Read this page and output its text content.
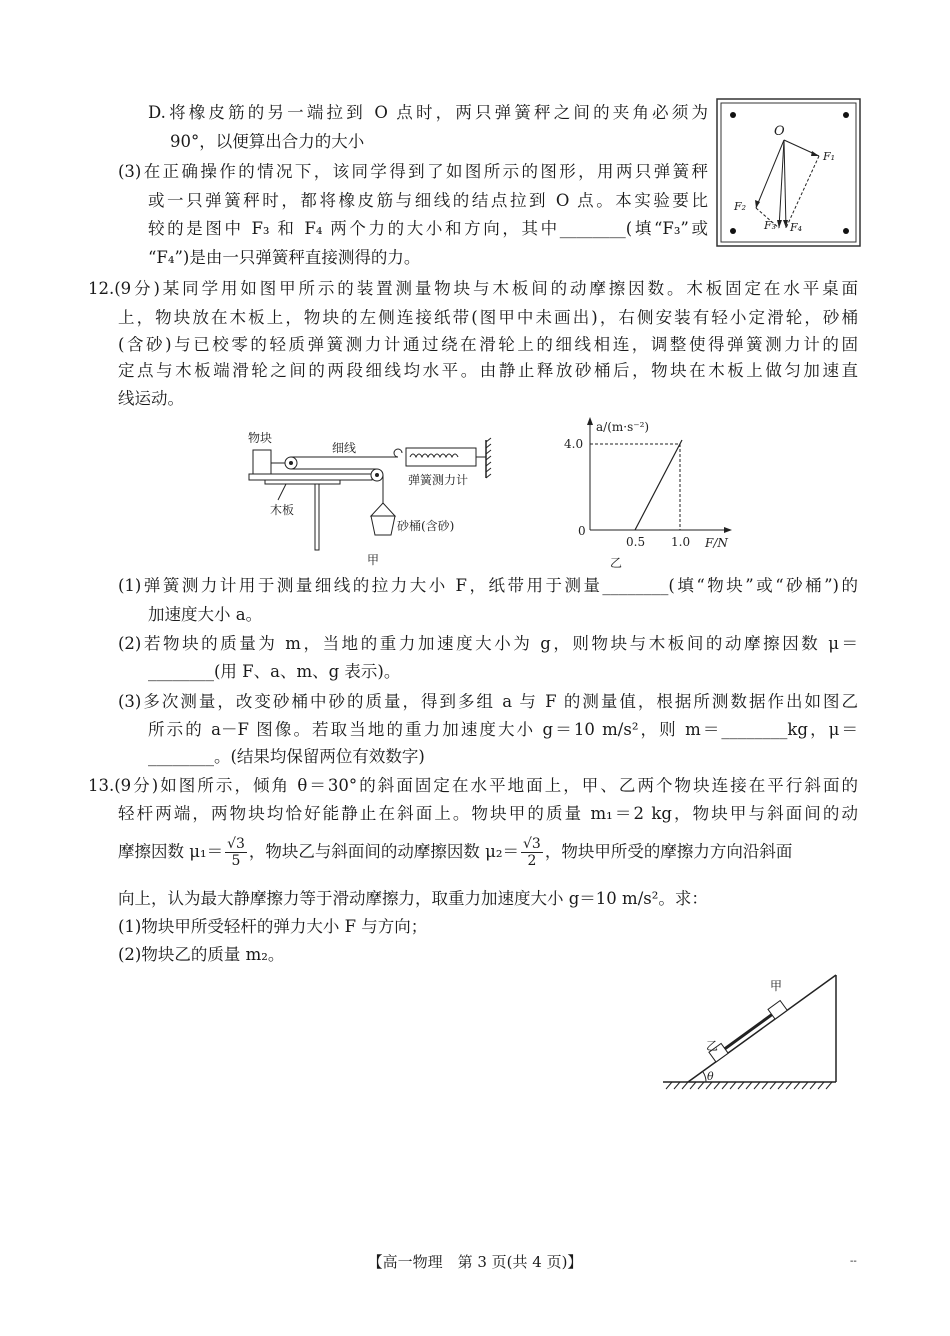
D.将橡皮筋的另一端拉到 O 点时，两只弹簧秤之间的夹角必须为
90°，以便算出合力的大小
(3)在正确操作的情况下，该同学得到了如图所示的图形，用两只弹簧秤
或一只弹簧秤时，都将橡皮筋与细线的结点拉到 O 点。本实验要比
较的是图中 F₃ 和 F₄ 两个力的大小和方向，其中________(填“F₃”或
“F₄”)是由一只弹簧秤直接测得的力。
O
F₁
F₂
F₃ F₄
12.(9分)某同学用如图甲所示的装置测量物块与木板间的动摩擦因数。木板固定在水平桌面
上，物块放在木板上，物块的左侧连接纸带(图甲中未画出)，右侧安装有轻小定滑轮，砂桶
(含砂)与已校零的轻质弹簧测力计通过绕在滑轮上的细线相连，调整使得弹簧测力计的固
定点与木板端滑轮之间的两段细线均水平。由静止释放砂桶后，物块在木板上做匀加速直
线运动。
物块
细线
弹簧测力计
砂桶(含砂)
木板
甲
a/(m·s⁻²)
F/N
0
0.5 1.0
4.0
乙
(1)弹簧测力计用于测量细线的拉力大小 F，纸带用于测量________(填“物块”或“砂桶”)的
加速度大小 a。
(2)若物块的质量为 m，当地的重力加速度大小为 g，则物块与木板间的动摩擦因数 μ＝
________(用 F、a、m、g 表示)。
(3)多次测量，改变砂桶中砂的质量，得到多组 a 与 F 的测量值，根据所测数据作出如图乙
所示的 a－F 图像。若取当地的重力加速度大小 g＝10 m/s²，则 m＝________kg，μ＝
________。(结果均保留两位有效数字)
13.(9分)如图所示，倾角 θ＝30°的斜面固定在水平地面上，甲、乙两个物块连接在平行斜面的
轻杆两端，两物块均恰好能静止在斜面上。物块甲的质量 m₁＝2 kg，物块甲与斜面间的动
摩擦因数 $\mu_1= \frac{√3}{5}$ ，物块乙与斜面间的动摩擦因数 $\mu_2= \frac{√3}{2}$ ，物块甲所受的摩擦力方向沿斜面
向上，认为最大静摩擦力等于滑动摩擦力，取重力加速度大小 g＝10 m/s²。求：
(1)物块甲所受轻杆的弹力大小 F 与方向；
(2)物块乙的质量 m₂。
θ
乙
甲
【高一物理　第 3 页(共 4 页)】	--
